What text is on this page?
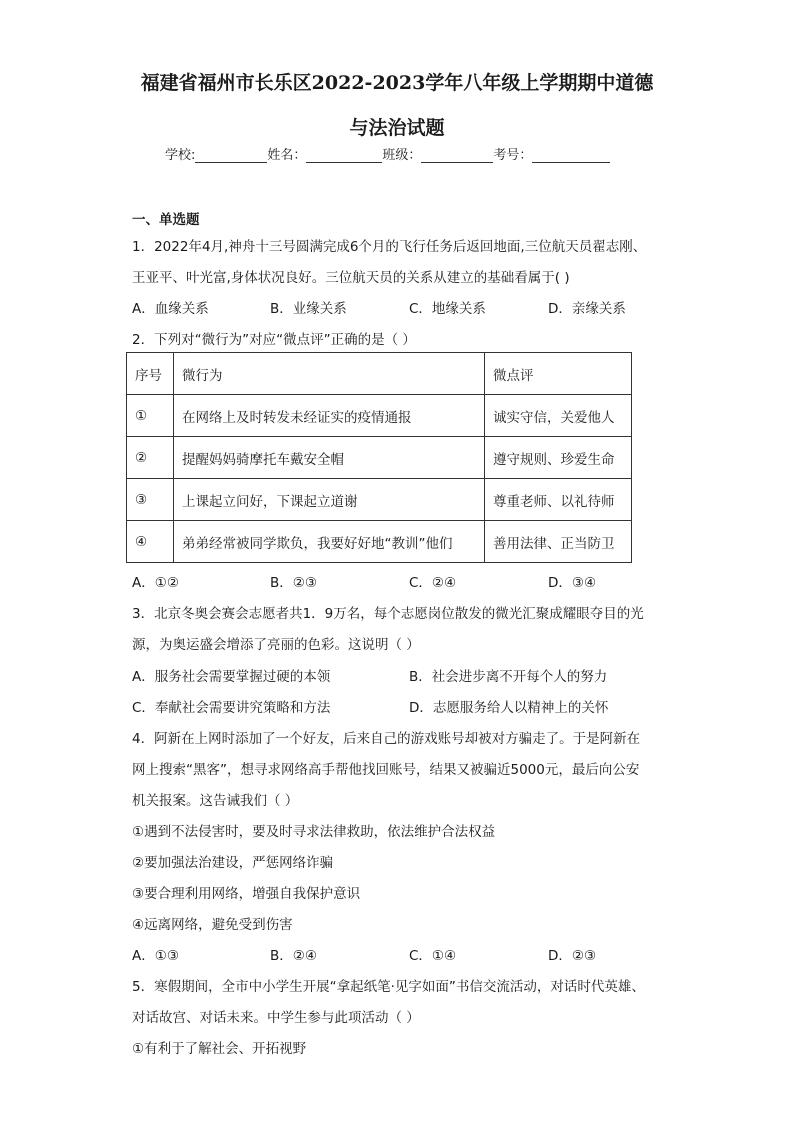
福建省福州市长乐区2022-2023学年八年级上学期期中道德
与法治试题
学校:	姓名：	班级：	考号：
一、单选题
1．2022年4月,神舟十三号圆满完成6个月的飞行任务后返回地面,三位航天员翟志刚、
王亚平、叶光富,身体状况良好。三位航天员的关系从建立的基础看属于( )
A．血缘关系	B．业缘关系	C．地缘关系	D．亲缘关系
2．下列对“微行为”对应“微点评”正确的是（ ）
序号	微行为	微点评
①	在网络上及时转发未经证实的疫情通报	诚实守信，关爱他人
②	提醒妈妈骑摩托车戴安全帽	遵守规则、珍爱生命
③	上课起立问好，下课起立道谢	尊重老师、以礼待师
④	弟弟经常被同学欺负，我要好好地“教训”他们	善用法律、正当防卫
A．①②	B．②③	C．②④	D．③④
3．北京冬奥会赛会志愿者共1．9万名，每个志愿岗位散发的微光汇聚成耀眼夺目的光
源，为奥运盛会增添了亮丽的色彩。这说明（ ）
A．服务社会需要掌握过硬的本领	B．社会进步离不开每个人的努力
C．奉献社会需要讲究策略和方法	D．志愿服务给人以精神上的关怀
4．阿新在上网时添加了一个好友，后来自己的游戏账号却被对方骗走了。于是阿新在
网上搜索“黑客”，想寻求网络高手帮他找回账号，结果又被骗近5000元，最后向公安
机关报案。这告诫我们（ ）
①遇到不法侵害时，要及时寻求法律救助，依法维护合法权益
②要加强法治建设，严惩网络诈骗
③要合理利用网络，增强自我保护意识
④远离网络，避免受到伤害
A．①③	B．②④	C．①④	D．②③
5．寒假期间，全市中小学生开展“拿起纸笔·见字如面”书信交流活动，对话时代英雄、
对话故宫、对话未来。中学生参与此项活动（ ）
①有利于了解社会、开拓视野
